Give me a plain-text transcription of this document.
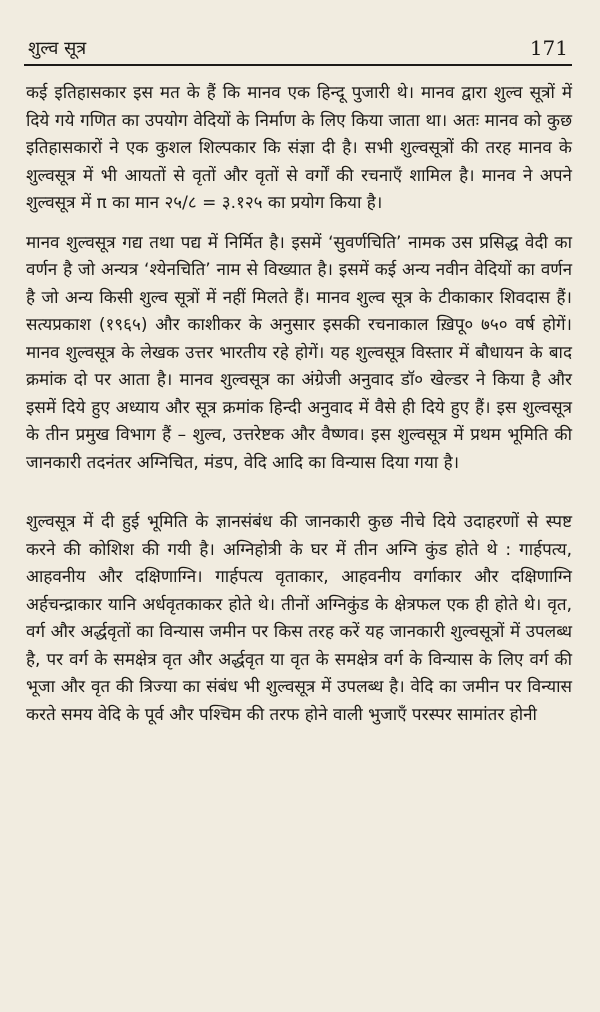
शुल्व सूत्र	171

कई इतिहासकार इस मत के हैं कि मानव एक हिन्दू पुजारी थे। मानव द्वारा शुल्व सूत्रों में दिये गये गणित का उपयोग वेदियों के निर्माण के लिए किया जाता था। अतः मानव को कुछ इतिहासकारों ने एक कुशल शिल्पकार कि संज्ञा दी है। सभी शुल्वसूत्रों की तरह मानव के शुल्वसूत्र में भी आयतों से वृतों और वृतों से वर्गों की रचनाएँ शामिल है। मानव ने अपने शुल्वसूत्र में π का मान २५/८ = ३.१२५ का प्रयोग किया है।

मानव शुल्वसूत्र गद्य तथा पद्य में निर्मित है। इसमें ‘सुवर्णचिति’ नामक उस प्रसिद्ध वेदी का वर्णन है जो अन्यत्र ‘श्येनचिति’ नाम से विख्यात है। इसमें कई अन्य नवीन वेदियों का वर्णन है जो अन्य किसी शुल्व सूत्रों में नहीं मिलते हैं। मानव शुल्व सूत्र के टीकाकार शिवदास हैं। सत्यप्रकाश (१९६५) और काशीकर के अनुसार इसकी रचनाकाल ख़िपू० ७५० वर्ष होगें। मानव शुल्वसूत्र के लेखक उत्तर भारतीय रहे होगें। यह शुल्वसूत्र विस्तार में बौधायन के बाद क्रमांक दो पर आता है। मानव शुल्वसूत्र का अंग्रेजी अनुवाद डॉ० खेल्डर ने किया है और इसमें दिये हुए अध्याय और सूत्र क्रमांक हिन्दी अनुवाद में वैसे ही दिये हुए हैं। इस शुल्वसूत्र के तीन प्रमुख विभाग हैं – शुल्व, उत्तरेष्टक और वैष्णव। इस शुल्वसूत्र में प्रथम भूमिति की जानकारी तदनंतर अग्निचित, मंडप, वेदि आदि का विन्यास दिया गया है।

शुल्वसूत्र में दी हुई भूमिति के ज्ञानसंबंध की जानकारी कुछ नीचे दिये उदाहरणों से स्पष्ट करने की कोशिश की गयी है। अग्निहोत्री के घर में तीन अग्नि कुंड होते थे : गार्हपत्य, आहवनीय और दक्षिणाग्नि। गार्हपत्य वृताकार, आहवनीय वर्गाकार और दक्षिणाग्नि अर्हचन्द्राकार यानि अर्धवृतकाकर होते थे। तीनों अग्निकुंड के क्षेत्रफल एक ही होते थे। वृत, वर्ग और अर्द्धवृतों का विन्यास जमीन पर किस तरह करें यह जानकारी शुल्वसूत्रों में उपलब्ध है, पर वर्ग के समक्षेत्र वृत और अर्द्धवृत या वृत के समक्षेत्र वर्ग के विन्यास के लिए वर्ग की भूजा और वृत की त्रिज्या का संबंध भी शुल्वसूत्र में उपलब्ध है। वेदि का जमीन पर विन्यास करते समय वेदि के पूर्व और पश्चिम की तरफ होने वाली भुजाएँ परस्पर सामांतर होनी
